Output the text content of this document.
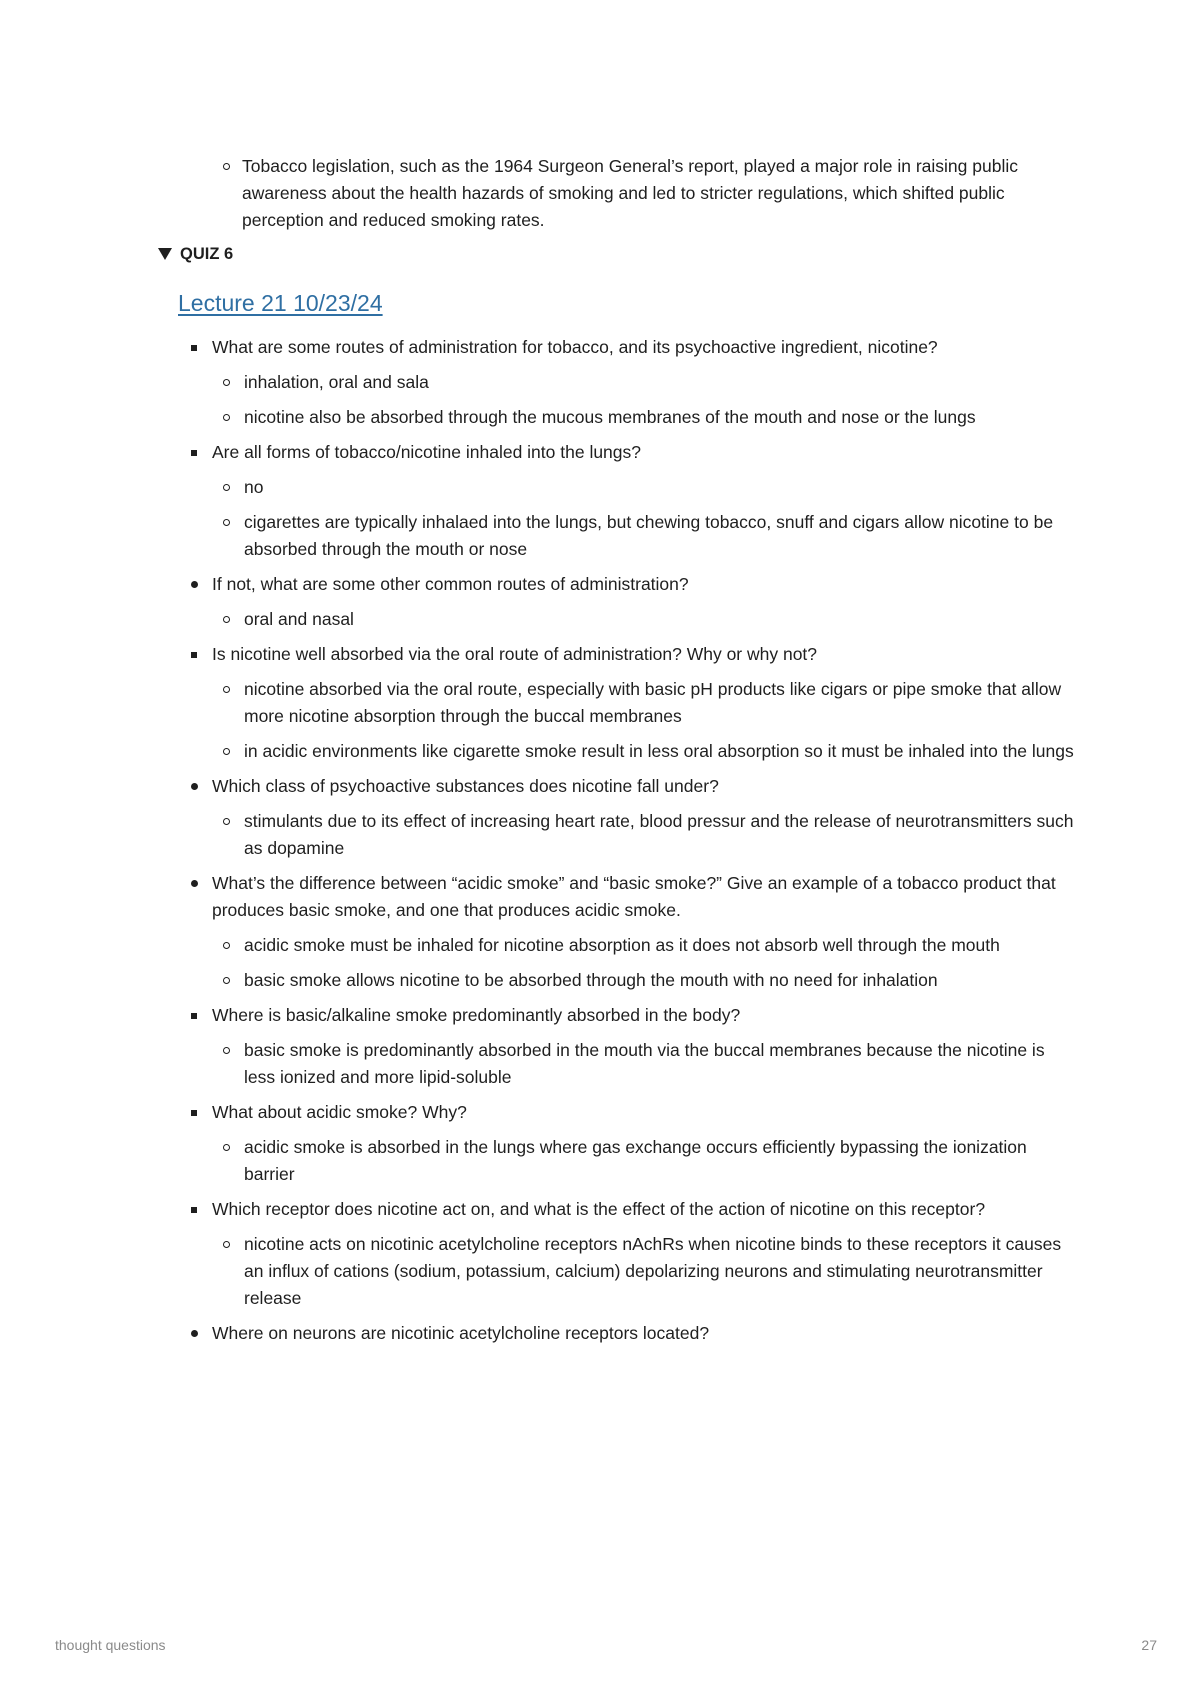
Tobacco legislation, such as the 1964 Surgeon General’s report, played a major role in raising public awareness about the health hazards of smoking and led to stricter regulations, which shifted public perception and reduced smoking rates.
QUIZ 6
Lecture 21 10/23/24
What are some routes of administration for tobacco, and its psychoactive ingredient, nicotine?
inhalation, oral and sala
nicotine also be absorbed through the mucous membranes of the mouth and nose or the lungs
Are all forms of tobacco/nicotine inhaled into the lungs?
no
cigarettes are typically inhalaed into the lungs, but chewing tobacco, snuff and cigars allow nicotine to be absorbed through the mouth or nose
If not, what are some other common routes of administration?
oral and nasal
Is nicotine well absorbed via the oral route of administration? Why or why not?
nicotine absorbed via the oral route, especially with basic pH products like cigars or pipe smoke that allow more nicotine absorption through the buccal membranes
in acidic environments like cigarette smoke result in less oral absorption so it must be inhaled into the lungs
Which class of psychoactive substances does nicotine fall under?
stimulants due to its effect of increasing heart rate, blood pressur and the release of neurotransmitters such as dopamine
What’s the difference between “acidic smoke” and “basic smoke?” Give an example of a tobacco product that produces basic smoke, and one that produces acidic smoke.
acidic smoke must be inhaled for nicotine absorption as it does not absorb well through the mouth
basic smoke allows nicotine to be absorbed through the mouth with no need for inhalation
Where is basic/alkaline smoke predominantly absorbed in the body?
basic smoke is predominantly absorbed in the mouth via the buccal membranes because the nicotine is less ionized and more lipid-soluble
What about acidic smoke? Why?
acidic smoke is absorbed in the lungs where gas exchange occurs efficiently bypassing the ionization barrier
Which receptor does nicotine act on, and what is the effect of the action of nicotine on this receptor?
nicotine acts on nicotinic acetylcholine receptors nAchRs when nicotine binds to these receptors it causes an influx of cations (sodium, potassium, calcium) depolarizing neurons and stimulating neurotransmitter release
Where on neurons are nicotinic acetylcholine receptors located?
thought questions	27
